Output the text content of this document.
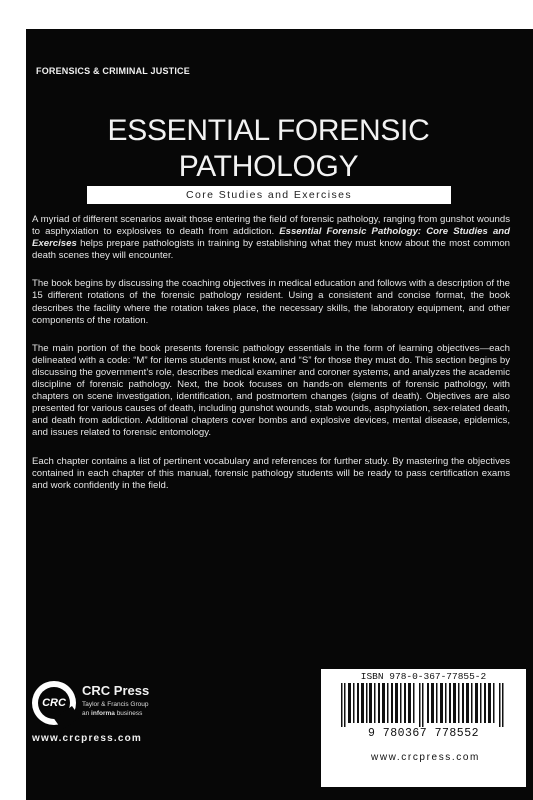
FORENSICS & CRIMINAL JUSTICE
ESSENTIAL FORENSIC
PATHOLOGY
Core Studies and Exercises

A myriad of different scenarios await those entering the field of forensic pathology, ranging from gunshot wounds to asphyxiation to explosives to death from addiction. Essential Forensic Pathology: Core Studies and Exercises helps prepare pathologists in training by establishing what they must know about the most common death scenes they will encounter.

The book begins by discussing the coaching objectives in medical education and follows with a description of the 15 different rotations of the forensic pathology resident. Using a consistent and concise format, the book describes the facility where the rotation takes place, the necessary skills, the laboratory equipment, and other components of the rotation.

The main portion of the book presents forensic pathology essentials in the form of learning objectives—each delineated with a code: “M” for items students must know, and “S” for those they must do. This section begins by discussing the government’s role, describes medical examiner and coroner systems, and analyzes the academic discipline of forensic pathology. Next, the book focuses on hands-on elements of forensic pathology, with chapters on scene investigation, identification, and postmortem changes (signs of death). Objectives are also presented for various causes of death, including gunshot wounds, stab wounds, asphyxiation, sex-related death, and death from addiction. Additional chapters cover bombs and explosive devices, mental disease, epidemics, and issues related to forensic entomology.

Each chapter contains a list of pertinent vocabulary and references for further study. By mastering the objectives contained in each chapter of this manual, forensic pathology students will be ready to pass certification exams and work confidently in the field.

CRC
CRC Press
Taylor & Francis Group
an informa business
www.crcpress.com
ISBN 978-0-367-77855-2
9 780367 778552
www.crcpress.com
